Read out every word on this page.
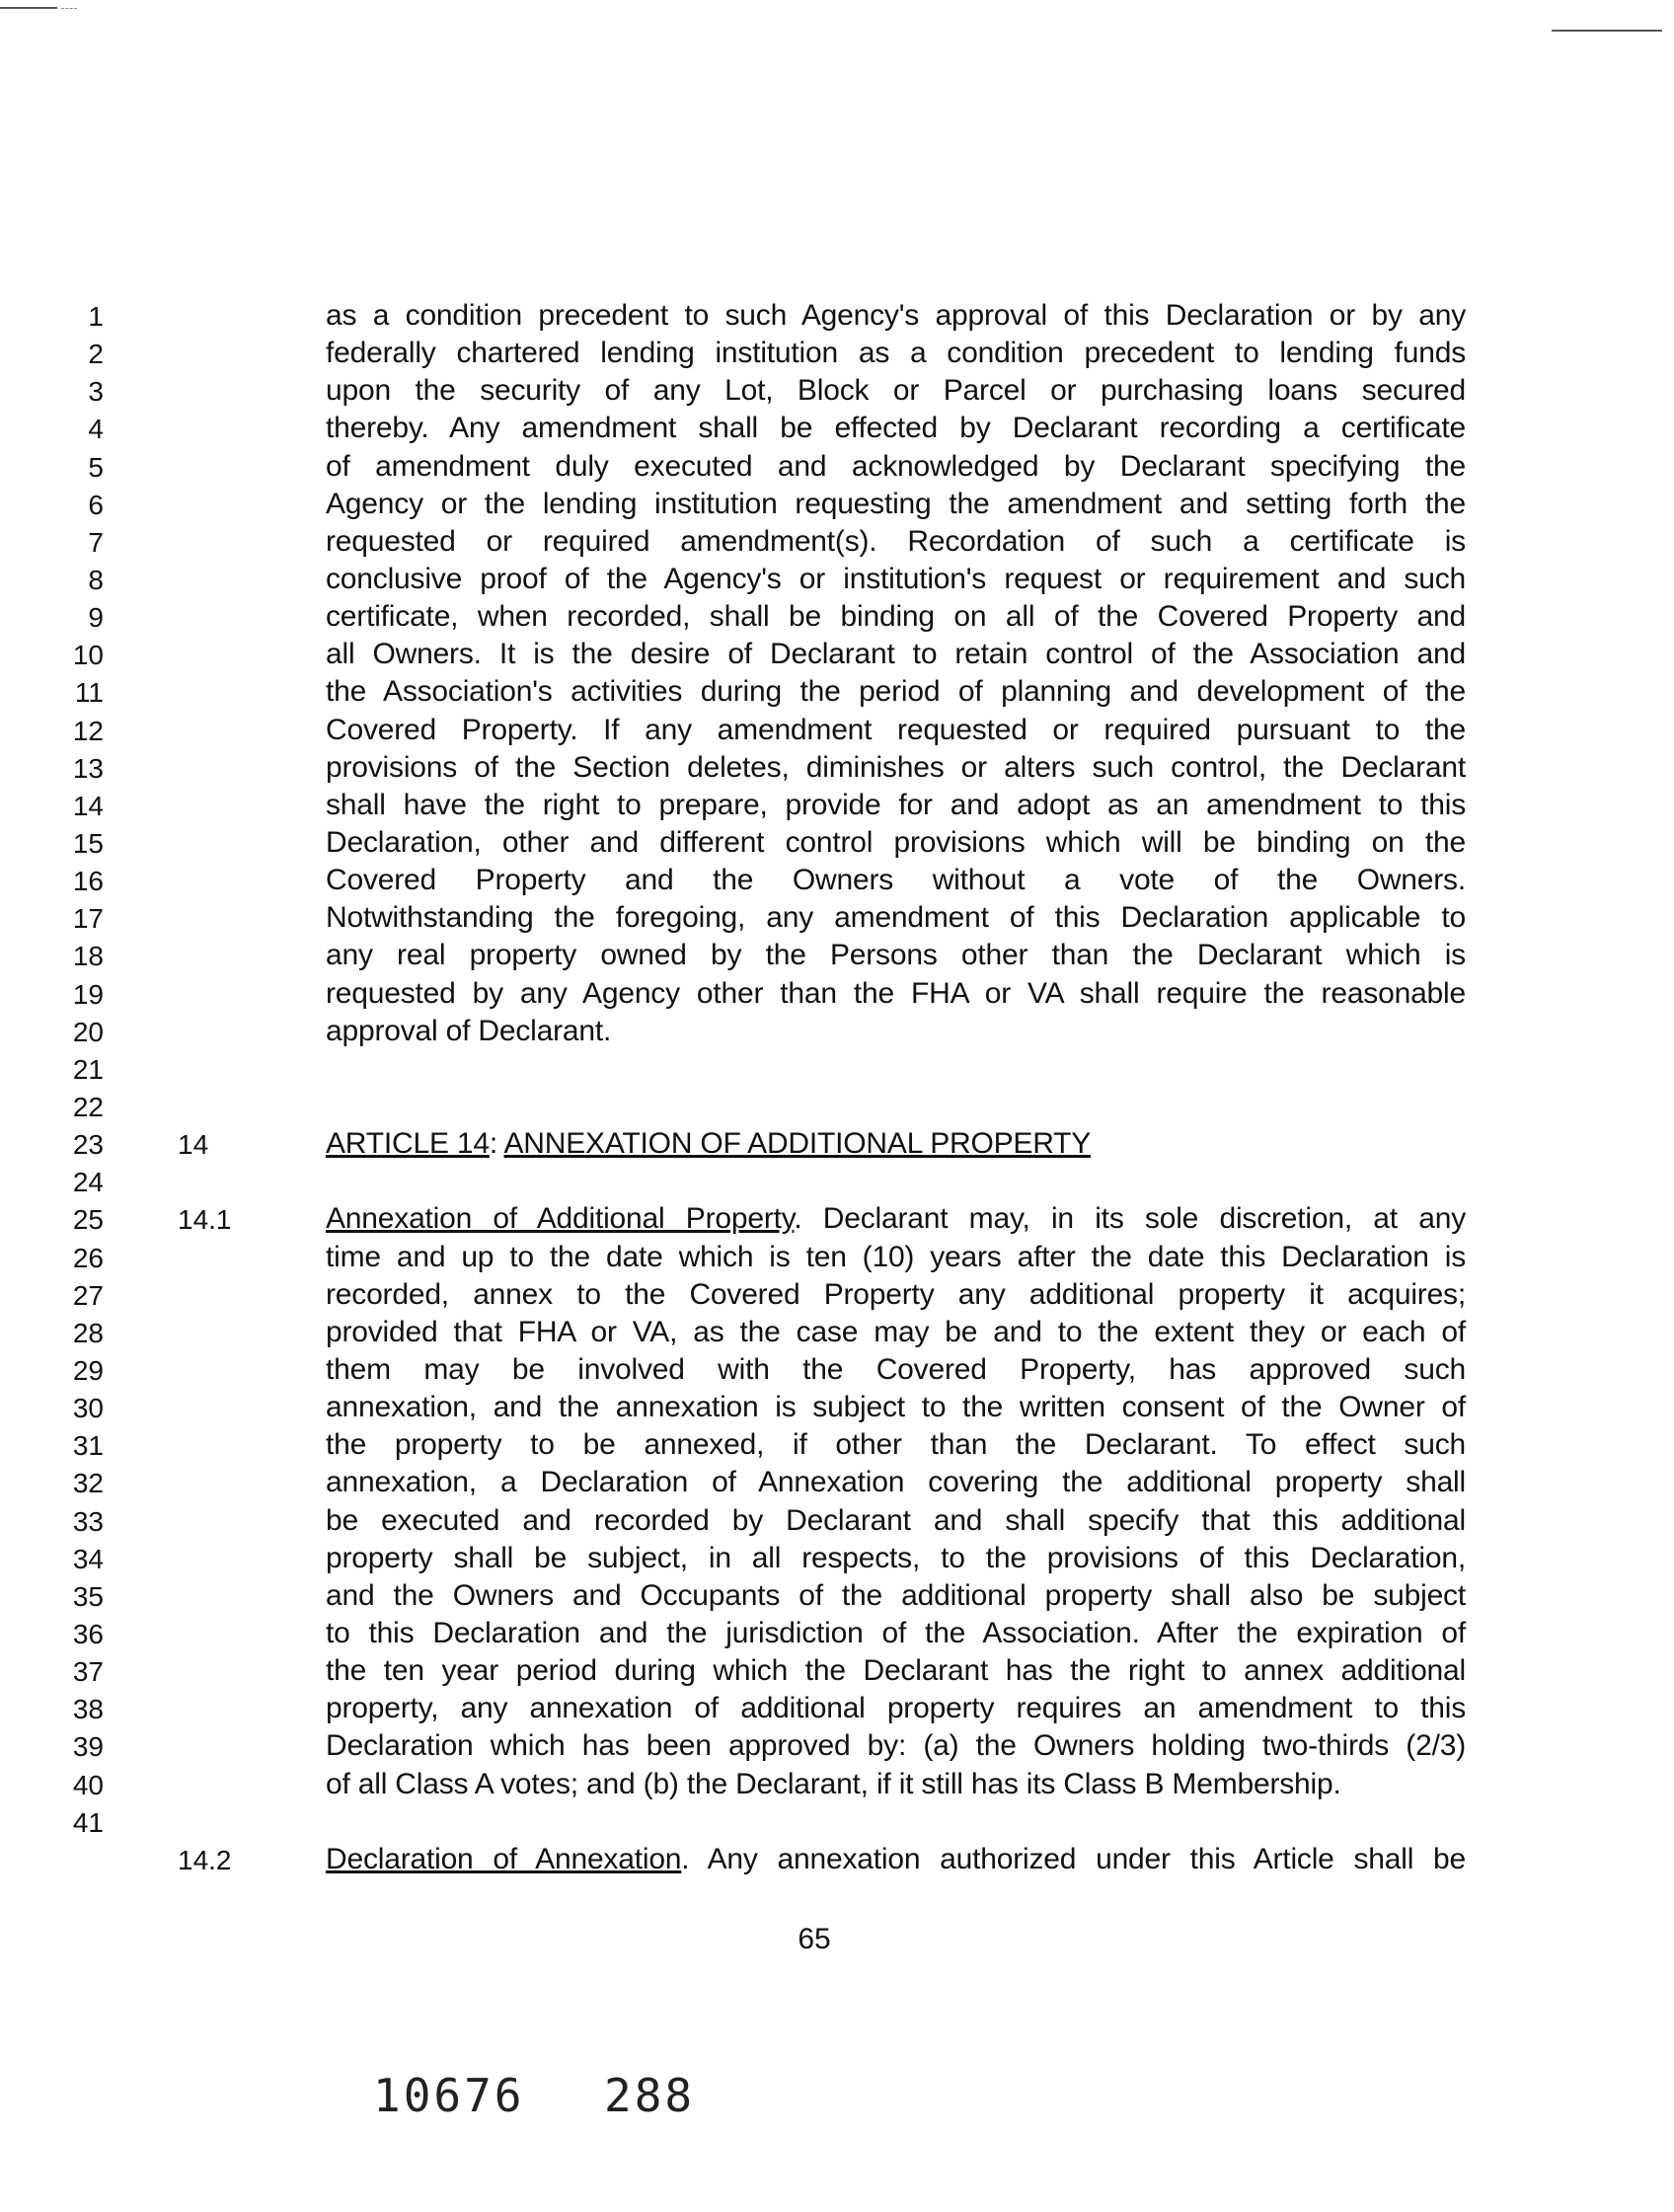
1
2
3
4
5
6
7
8
9
10
11
12
13
14
15
16
17
18
19
20
21
22
23
24
25
26
27
28
29
30
31
32
33
34
35
36
37
38
39
40
41
as a condition precedent to such Agency's approval of this Declaration or by any
federally chartered lending institution as a condition precedent to lending funds
upon the security of any Lot, Block or Parcel or purchasing loans secured
thereby. Any amendment shall be effected by Declarant recording a certificate
of amendment duly executed and acknowledged by Declarant specifying the
Agency or the lending institution requesting the amendment and setting forth the
requested or required amendment(s). Recordation of such a certificate is
conclusive proof of the Agency's or institution's request or requirement and such
certificate, when recorded, shall be binding on all of the Covered Property and
all Owners. It is the desire of Declarant to retain control of the Association and
the Association's activities during the period of planning and development of the
Covered Property. If any amendment requested or required pursuant to the
provisions of the Section deletes, diminishes or alters such control, the Declarant
shall have the right to prepare, provide for and adopt as an amendment to this
Declaration, other and different control provisions which will be binding on the
Covered Property and the Owners without a vote of the Owners.
Notwithstanding the foregoing, any amendment of this Declaration applicable to
any real property owned by the Persons other than the Declarant which is
requested by any Agency other than the FHA or VA shall require the reasonable
approval of Declarant.
14	ARTICLE 14: ANNEXATION OF ADDITIONAL PROPERTY
14.1	Annexation of Additional Property. Declarant may, in its sole discretion, at any
time and up to the date which is ten (10) years after the date this Declaration is
recorded, annex to the Covered Property any additional property it acquires;
provided that FHA or VA, as the case may be and to the extent they or each of
them may be involved with the Covered Property, has approved such
annexation, and the annexation is subject to the written consent of the Owner of
the property to be annexed, if other than the Declarant. To effect such
annexation, a Declaration of Annexation covering the additional property shall
be executed and recorded by Declarant and shall specify that this additional
property shall be subject, in all respects, to the provisions of this Declaration,
and the Owners and Occupants of the additional property shall also be subject
to this Declaration and the jurisdiction of the Association. After the expiration of
the ten year period during which the Declarant has the right to annex additional
property, any annexation of additional property requires an amendment to this
Declaration which has been approved by: (a) the Owners holding two-thirds (2/3)
of all Class A votes; and (b) the Declarant, if it still has its Class B Membership.
14.2	Declaration of Annexation. Any annexation authorized under this Article shall be
65
10676 288
